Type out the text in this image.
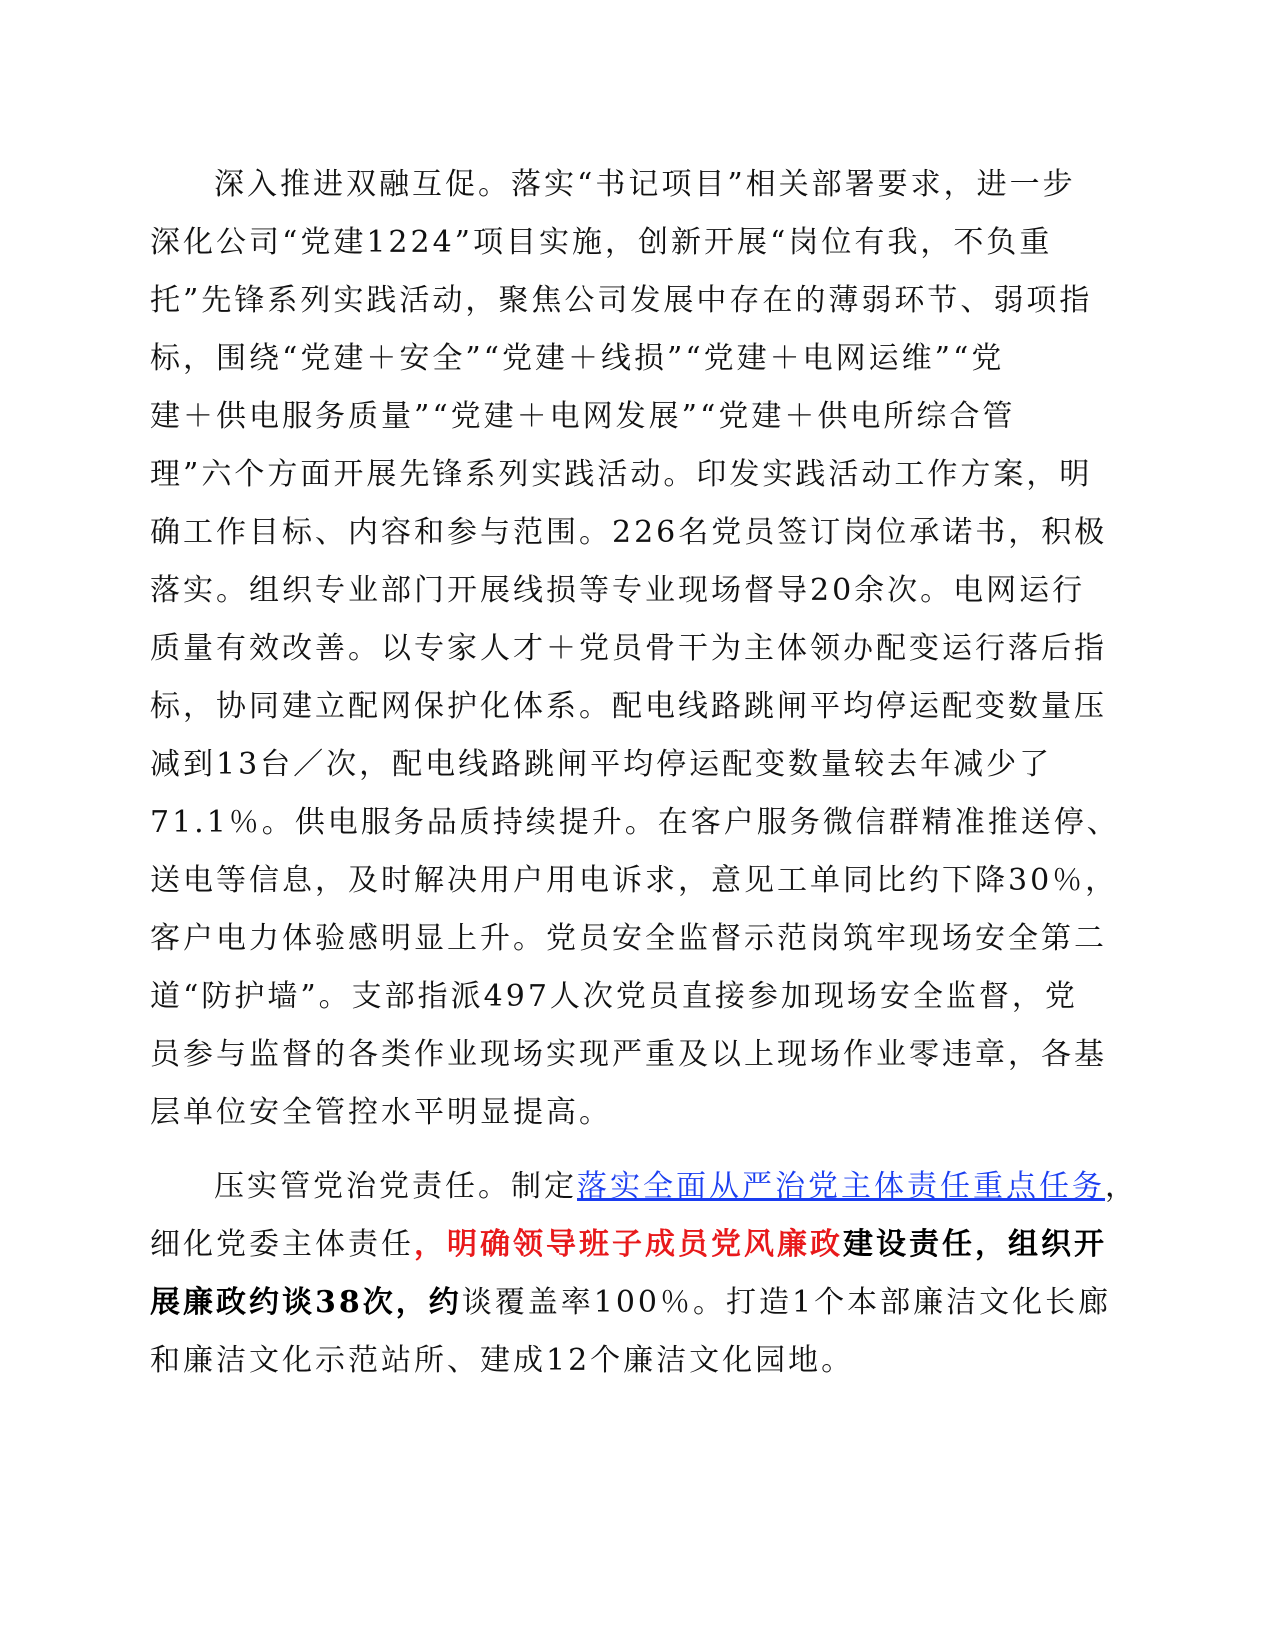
深入推进双融互促。落实“书记项目”相关部署要求，进一步
深化公司“党建1224”项目实施，创新开展“岗位有我，不负重
托”先锋系列实践活动，聚焦公司发展中存在的薄弱环节、弱项指
标，围绕“党建＋安全”“党建＋线损”“党建＋电网运维”“党
建＋供电服务质量”“党建＋电网发展”“党建＋供电所综合管
理”六个方面开展先锋系列实践活动。印发实践活动工作方案，明
确工作目标、内容和参与范围。226名党员签订岗位承诺书，积极
落实。组织专业部门开展线损等专业现场督导20余次。电网运行
质量有效改善。以专家人才＋党员骨干为主体领办配变运行落后指
标，协同建立配网保护化体系。配电线路跳闸平均停运配变数量压
减到13台／次，配电线路跳闸平均停运配变数量较去年减少了
71.1％。供电服务品质持续提升。在客户服务微信群精准推送停、
送电等信息，及时解决用户用电诉求，意见工单同比约下降30％，
客户电力体验感明显上升。党员安全监督示范岗筑牢现场安全第二
道“防护墙”。支部指派497人次党员直接参加现场安全监督，党
员参与监督的各类作业现场实现严重及以上现场作业零违章，各基
层单位安全管控水平明显提高。
压实管党治党责任。制定落实全面从严治党主体责任重点任务，
细化党委主体责任，明确领导班子成员党风廉政建设责任，组织开
展廉政约谈38次，约谈覆盖率100％。打造1个本部廉洁文化长廊
和廉洁文化示范站所、建成12个廉洁文化园地。
